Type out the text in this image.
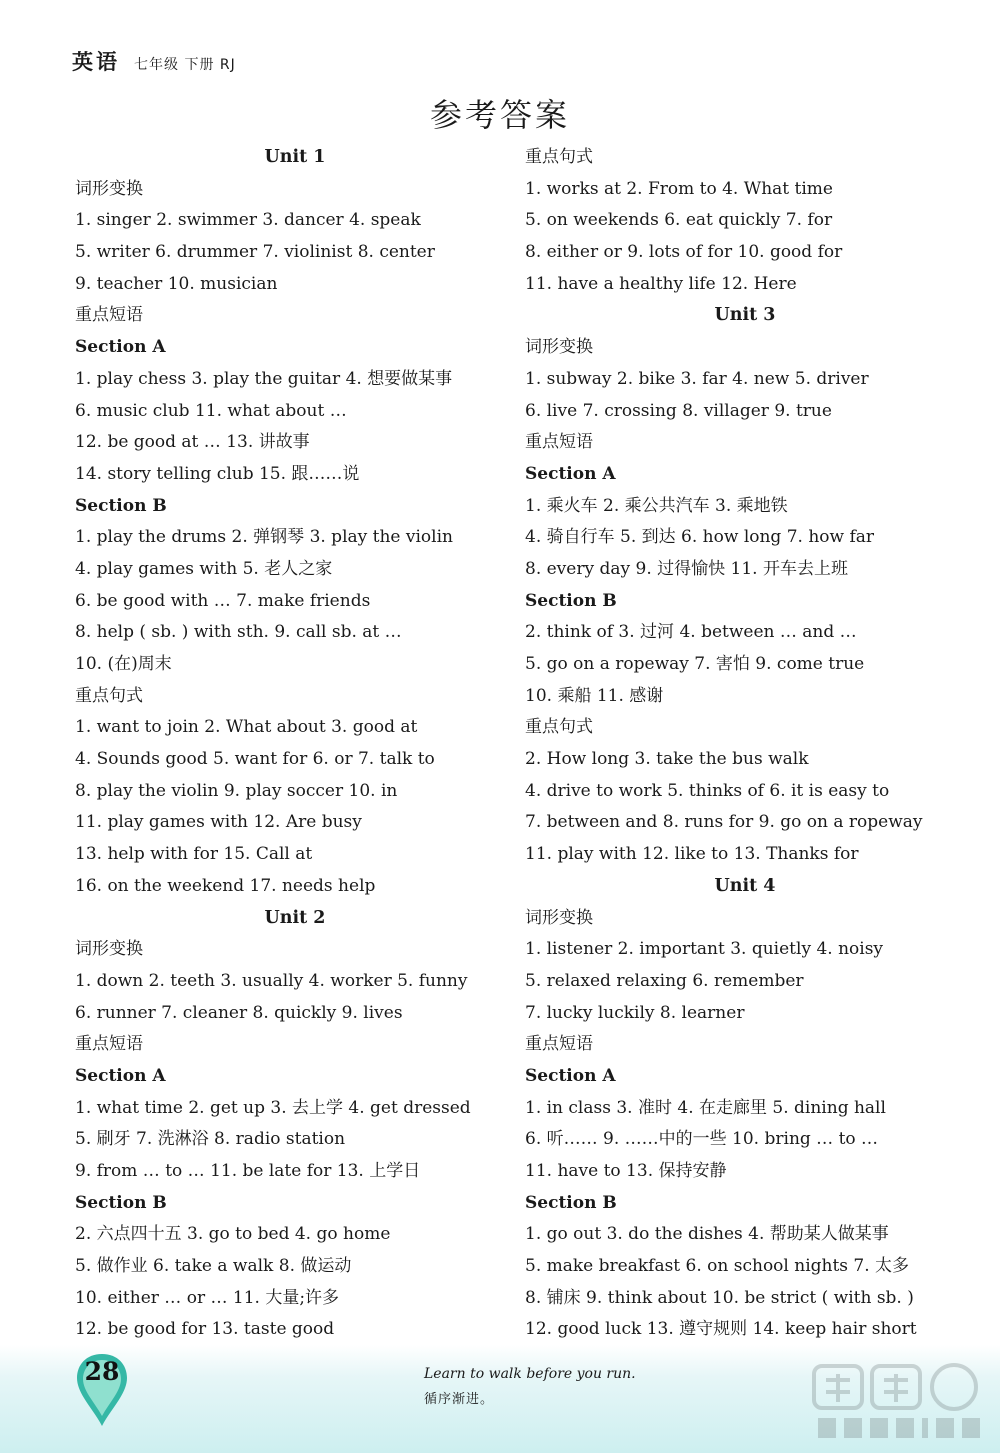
英语 七年级 下册 RJ
参考答案
Unit 1
词形变换
1. singer 2. swimmer 3. dancer 4. speak
5. writer 6. drummer 7. violinist 8. center
9. teacher 10. musician
重点短语
Section A
1. play chess 3. play the guitar 4. 想要做某事
6. music club 11. what about …
12. be good at … 13. 讲故事
14. story telling club 15. 跟……说
Section B
1. play the drums 2. 弹钢琴 3. play the violin
4. play games with 5. 老人之家
6. be good with … 7. make friends
8. help ( sb. ) with sth. 9. call sb. at …
10. (在)周末
重点句式
1. want to join 2. What about 3. good at
4. Sounds good 5. want for 6. or 7. talk to
8. play the violin 9. play soccer 10. in
11. play games with 12. Are busy
13. help with for 15. Call at
16. on the weekend 17. needs help
Unit 2
词形变换
1. down 2. teeth 3. usually 4. worker 5. funny
6. runner 7. cleaner 8. quickly 9. lives
重点短语
Section A
1. what time 2. get up 3. 去上学 4. get dressed
5. 刷牙 7. 洗淋浴 8. radio station
9. from … to … 11. be late for 13. 上学日
Section B
2. 六点四十五 3. go to bed 4. go home
5. 做作业 6. take a walk 8. 做运动
10. either … or … 11. 大量;许多
12. be good for 13. taste good
重点句式
1. works at 2. From to 4. What time
5. on weekends 6. eat quickly 7. for
8. either or 9. lots of for 10. good for
11. have a healthy life 12. Here
Unit 3
词形变换
1. subway 2. bike 3. far 4. new 5. driver
6. live 7. crossing 8. villager 9. true
重点短语
Section A
1. 乘火车 2. 乘公共汽车 3. 乘地铁
4. 骑自行车 5. 到达 6. how long 7. how far
8. every day 9. 过得愉快 11. 开车去上班
Section B
2. think of 3. 过河 4. between … and …
5. go on a ropeway 7. 害怕 9. come true
10. 乘船 11. 感谢
重点句式
2. How long 3. take the bus walk
4. drive to work 5. thinks of 6. it is easy to
7. between and 8. runs for 9. go on a ropeway
11. play with 12. like to 13. Thanks for
Unit 4
词形变换
1. listener 2. important 3. quietly 4. noisy
5. relaxed relaxing 6. remember
7. lucky luckily 8. learner
重点短语
Section A
1. in class 3. 准时 4. 在走廊里 5. dining hall
6. 听…… 9. ……中的一些 10. bring … to …
11. have to 13. 保持安静
Section B
1. go out 3. do the dishes 4. 帮助某人做某事
5. make breakfast 6. on school nights 7. 太多
8. 铺床 9. think about 10. be strict ( with sb. )
12. good luck 13. 遵守规则 14. keep hair short
28	Learn to walk before you run.
循序渐进。
